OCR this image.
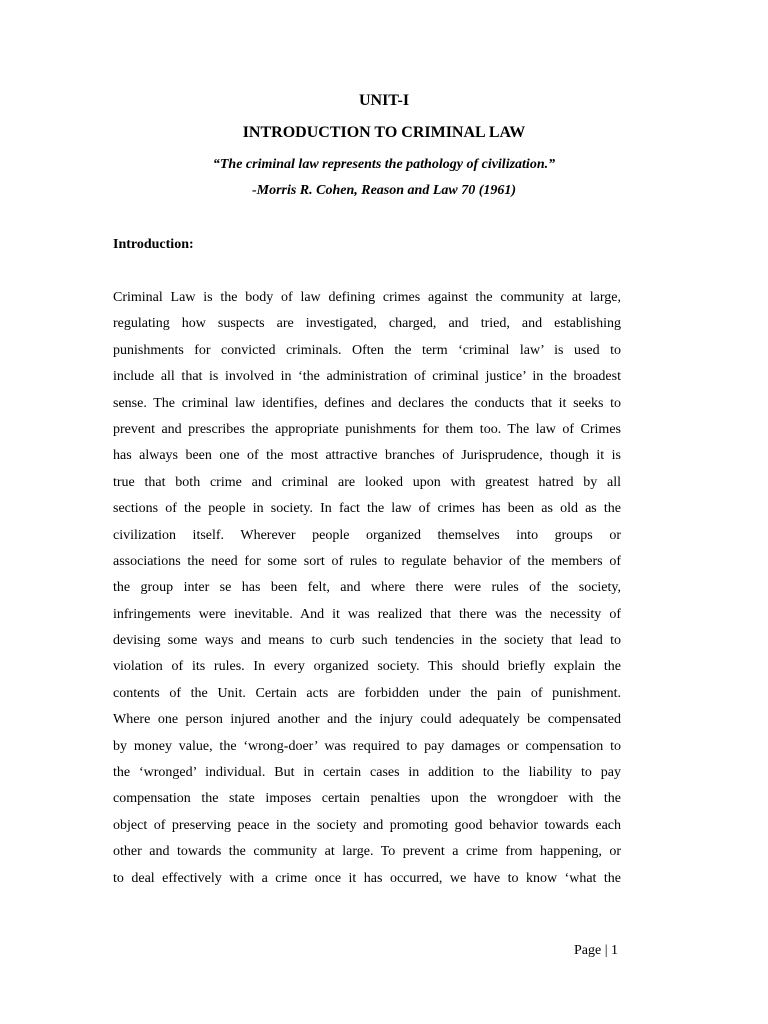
UNIT-I
INTRODUCTION TO CRIMINAL LAW
“The criminal law represents the pathology of civilization.”
-Morris R. Cohen, Reason and Law 70 (1961)
Introduction:
Criminal Law is the body of law defining crimes against the community at large,
regulating how suspects are investigated, charged, and tried, and establishing
punishments for convicted criminals. Often the term ‘criminal law’ is used to
include all that is involved in ‘the administration of criminal justice’ in the broadest
sense. The criminal law identifies, defines and declares the conducts that it seeks to
prevent and prescribes the appropriate punishments for them too. The law of Crimes
has always been one of the most attractive branches of Jurisprudence, though it is
true that both crime and criminal are looked upon with greatest hatred by all
sections of the people in society. In fact the law of crimes has been as old as the
civilization itself. Wherever people organized themselves into groups or
associations the need for some sort of rules to regulate behavior of the members of
the group inter se has been felt, and where there were rules of the society,
infringements were inevitable. And it was realized that there was the necessity of
devising some ways and means to curb such tendencies in the society that lead to
violation of its rules. In every organized society. This should briefly explain the
contents of the Unit. Certain acts are forbidden under the pain of punishment.
Where one person injured another and the injury could adequately be compensated
by money value, the ‘wrong-doer’ was required to pay damages or compensation to
the ‘wronged’ individual. But in certain cases in addition to the liability to pay
compensation the state imposes certain penalties upon the wrongdoer with the
object of preserving peace in the society and promoting good behavior towards each
other and towards the community at large. To prevent a crime from happening, or
to deal effectively with a crime once it has occurred, we have to know ‘what the
Page | 1
